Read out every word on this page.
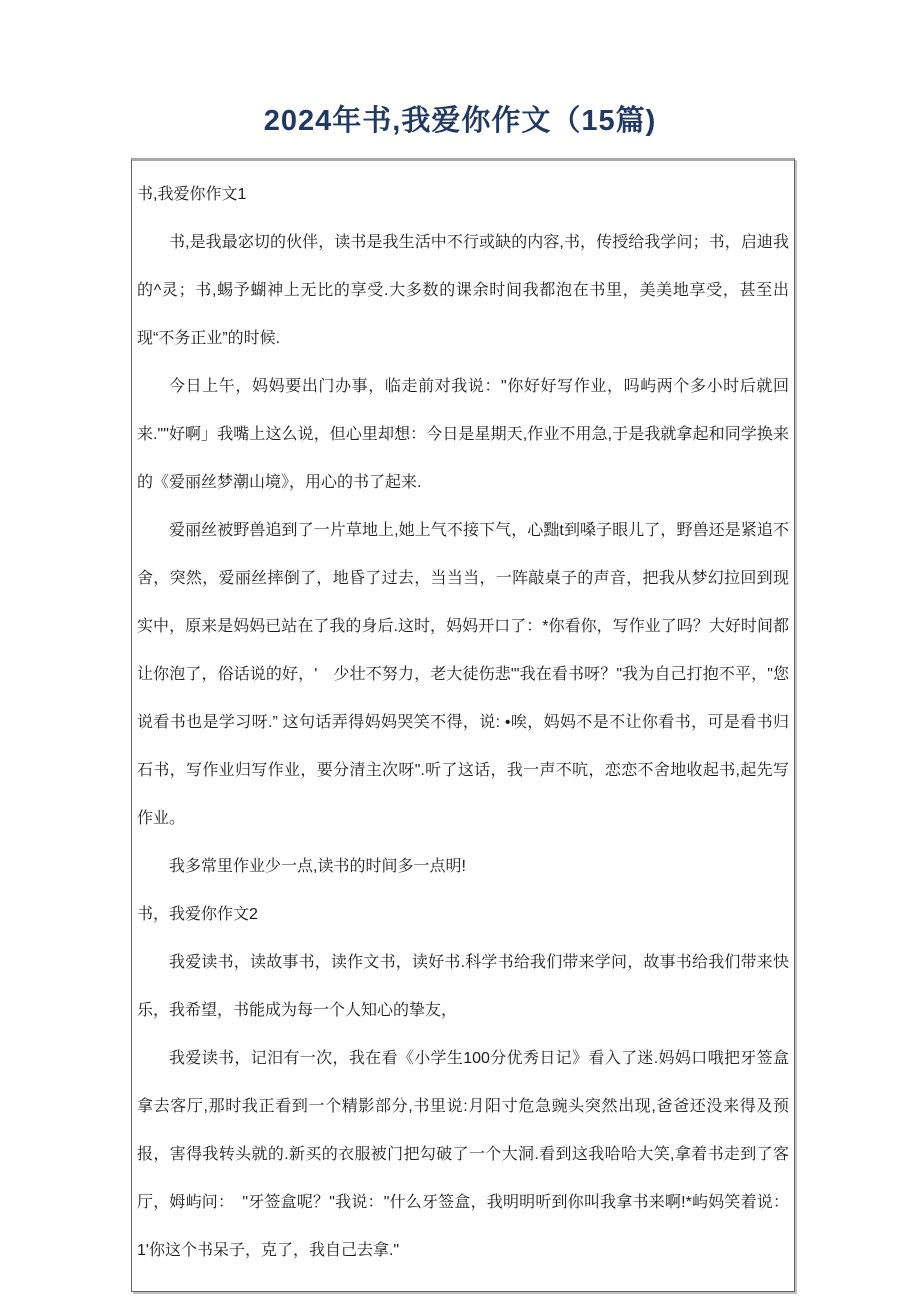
2024年书,我爱你作文（15篇)

书,我爱你作文1

书,是我最宓切的伙伴，读书是我生活中不行或缺的内容,书，传授给我学问；书，启迪我的^灵；书,蜴予蝴神上无比的享受.大多数的课余时间我都泡在书里，美美地享受，甚至出现“不务正业”的时候.

今日上午，妈妈要出门办事，临走前对我说："你好好写作业，吗屿两个多小时后就回来.""好啊」我嘴上这么说，但心里却想：今日是星期天,作业不用急,于是我就拿起和同学换来的《爱丽丝梦潮山境》，用心的书了起来.

爱丽丝被野兽追到了一片草地上,她上气不接下气，心黜t到嗓子眼儿了，野兽还是紧追不舍，突然，爱丽丝摔倒了，地昏了过去，当当当，一阵敲桌子的声音，把我从梦幻拉回到现实中，原来是妈妈已站在了我的身后.这时，妈妈开口了：*你看你，写作业了吗？大好时间都让你泡了，俗话说的好，'　少壮不努力，老大徒伤悲"'我在看书呀？"我为自己打抱不平，"您说看书也是学习呀.” 这句话弄得妈妈哭笑不得，说: •唉，妈妈不是不让你看书，可是看书归石书，写作业归写作业，要分清主次呀".听了这话，我一声不吭，恋恋不舍地收起书,起先写作业。

我多常里作业少一点,读书的时间多一点明!

书，我爱你作文2

我爱读书，读故事书，读作文书，读好书.科学书给我们带来学问，故事书给我们带来快乐，我希望，书能成为每一个人知心的挚友，

我爱读书，记汨有一次，我在看《小学生100分优秀日记》看入了迷.妈妈口哦把牙签盒拿去客厅,那时我正看到一个精影部分,书里说:月阳寸危急豌头突然出现,爸爸还没来得及预报，害得我转头就的.新买的衣服被门把勾破了一个大洞.看到这我哈哈大笑,拿着书走到了客厅，姆屿问：　"牙签盒呢？"我说："什么牙签盒，我明明听到你叫我拿书来啊!*屿妈笑着说：1'你这个书呆子，克了，我自己去拿."
